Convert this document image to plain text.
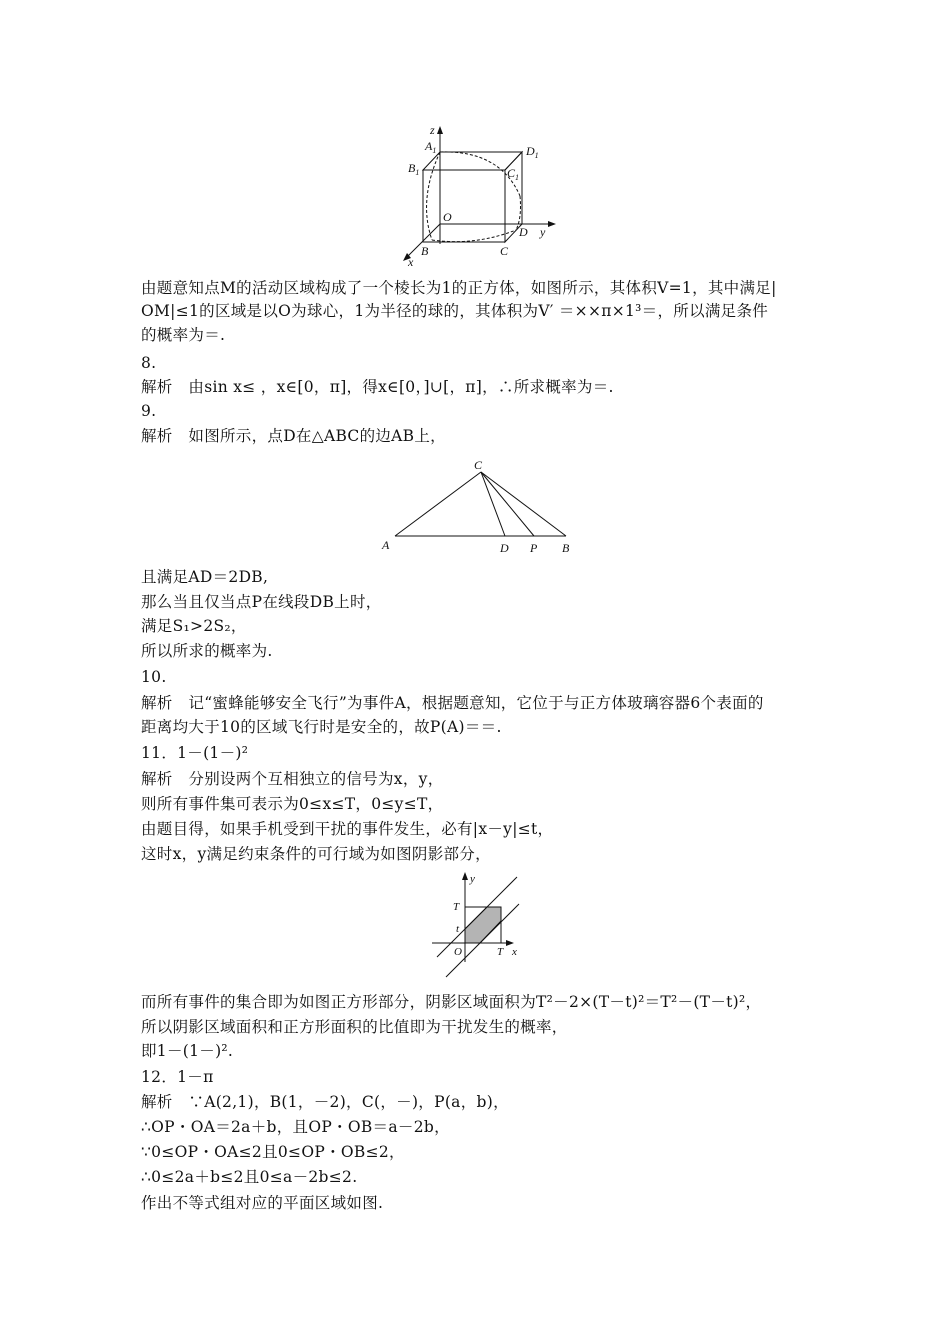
z
$A_1$	$D_1$
$B_1$	$C_1$
O
y
B	C
D
x
由题意知点M的活动区域构成了一个棱长为1的正方体，如图所示，其体积V=1，其中满足|
OM|≤1的区域是以O为球心，1为半径的球的，其体积为V′ ＝××π×1³＝，所以满足条件
的概率为＝.
8.
解析　由sin x≤ ，x∈[0，π]，得x∈[0，]∪[，π]，∴所求概率为＝.
9.
解析　如图所示，点D在△ABC的边AB上，
C
A	D P B
且满足AD＝2DB,
那么当且仅当点P在线段DB上时，
满足S₁>2S₂，
所以所求的概率为.
10.
解析　记“蜜蜂能够安全飞行”为事件A，根据题意知，它位于与正方体玻璃容器6个表面的
距离均大于10的区域飞行时是安全的，故P(A)＝＝.
11．1－(1－)²
解析　分别设两个互相独立的信号为x，y，
则所有事件集可表示为0≤x≤T，0≤y≤T，
由题目得，如果手机受到干扰的事件发生，必有|x－y|≤t，
这时x，y满足约束条件的可行域为如图阴影部分，
y
T
t
O	T x
而所有事件的集合即为如图正方形部分，阴影区域面积为T²－2×(T－t)²＝T²－(T－t)²，
所以阴影区域面积和正方形面积的比值即为干扰发生的概率，
即1－(1－)².
12．1－π
解析　∵A(2,1)，B(1，－2)，C(，－)，P(a，b)，
∴OP・OA＝2a＋b，且OP・OB＝a－2b，
∵0≤OP・OA≤2且0≤OP・OB≤2，
∴0≤2a＋b≤2且0≤a－2b≤2.
作出不等式组对应的平面区域如图.
